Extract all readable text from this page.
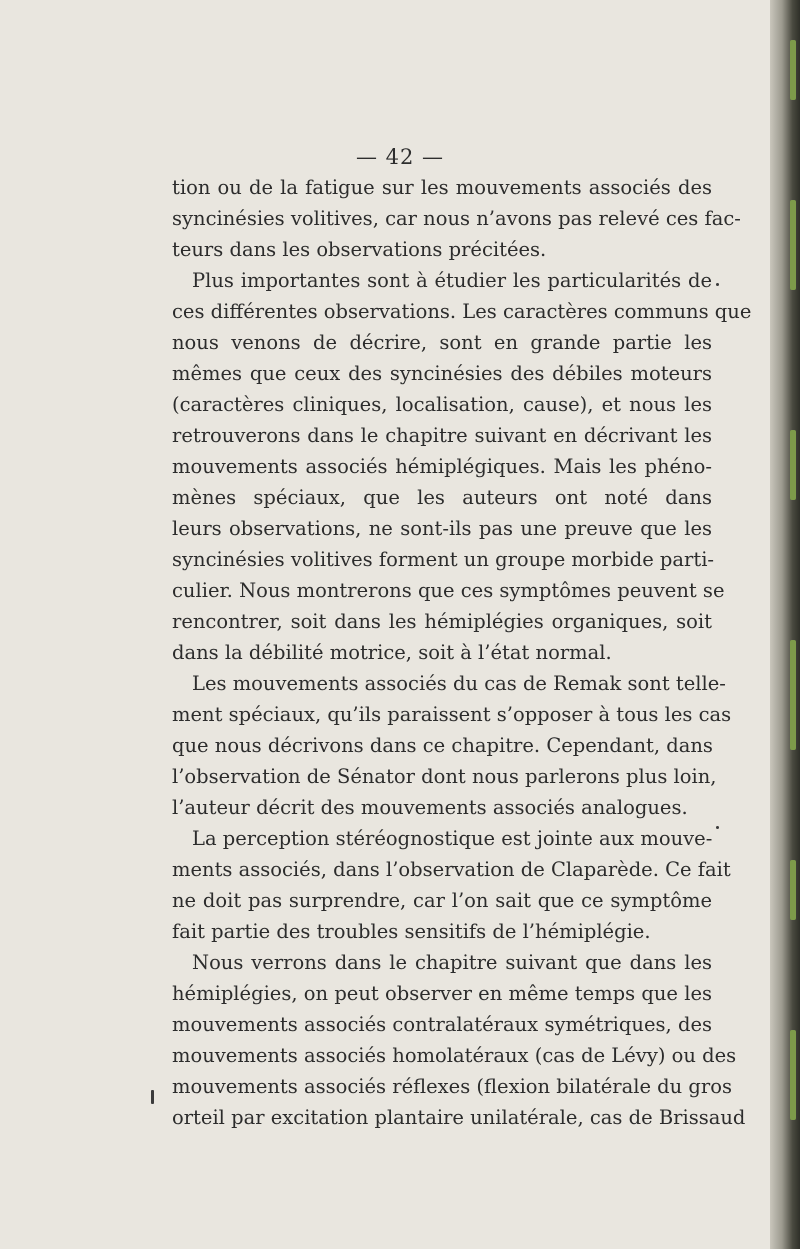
— 42 —
tion ou de la fatigue sur les mouvements associés des
syncinésies volitives, car nous n’avons pas relevé ces fac-
teurs dans les observations précitées.
Plus importantes sont à étudier les particularités de
ces différentes observations. Les caractères communs que
nous venons de décrire, sont en grande partie les
mêmes que ceux des syncinésies des débiles moteurs
(caractères cliniques, localisation, cause), et nous les
retrouverons dans le chapitre suivant en décrivant les
mouvements associés hémiplégiques. Mais les phéno-
mènes spéciaux, que les auteurs ont noté dans
leurs observations, ne sont-ils pas une preuve que les
syncinésies volitives forment un groupe morbide parti-
culier. Nous montrerons que ces symptômes peuvent se
rencontrer, soit dans les hémiplégies organiques, soit
dans la débilité motrice, soit à l’état normal.
Les mouvements associés du cas de Remak sont telle-
ment spéciaux, qu’ils paraissent s’opposer à tous les cas
que nous décrivons dans ce chapitre. Cependant, dans
l’observation de Sénator dont nous parlerons plus loin,
l’auteur décrit des mouvements associés analogues.
La perception stéréognostique est jointe aux mouve-
ments associés, dans l’observation de Claparède. Ce fait
ne doit pas surprendre, car l’on sait que ce symptôme
fait partie des troubles sensitifs de l’hémiplégie.
Nous verrons dans le chapitre suivant que dans les
hémiplégies, on peut observer en même temps que les
mouvements associés contralatéraux symétriques, des
mouvements associés homolatéraux (cas de Lévy) ou des
mouvements associés réflexes (flexion bilatérale du gros
orteil par excitation plantaire unilatérale, cas de Brissaud
